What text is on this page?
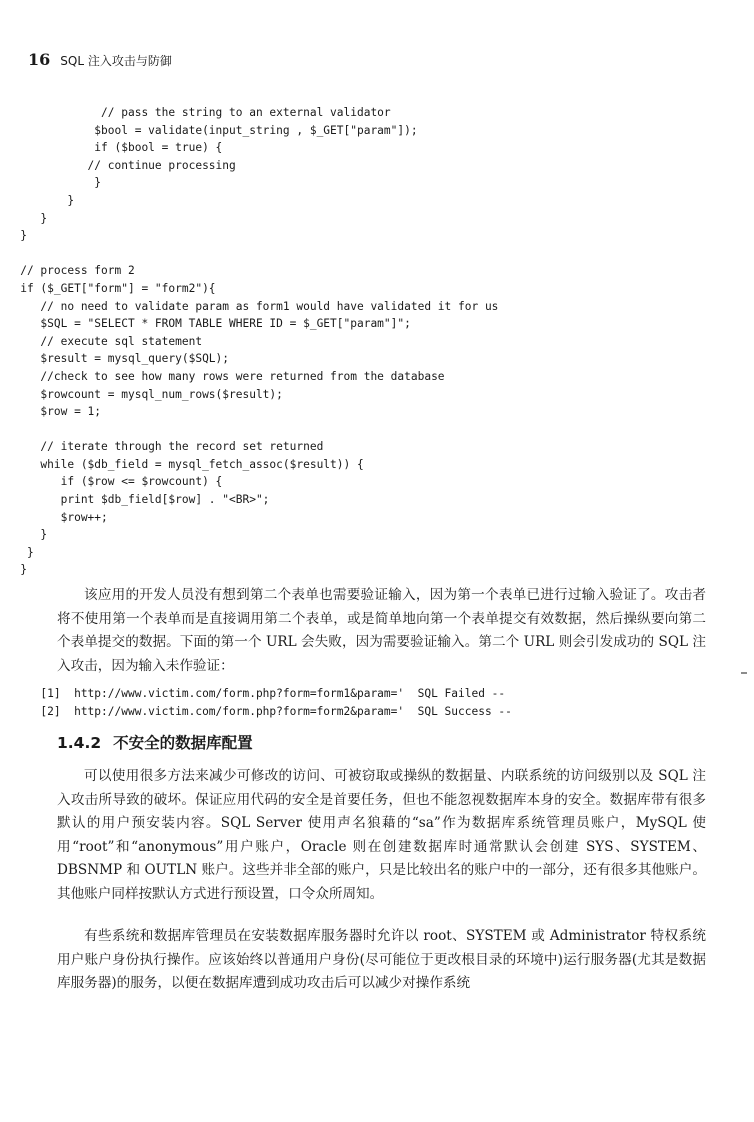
16 SQL 注入攻击与防御
// pass the string to an external validator
$bool = validate(input_string , $_GET["param"]);
if ($bool = true) {
// continue processing
}
}
}
}
// process form 2
if ($_GET["form"] = "form2"){
// no need to validate param as form1 would have validated it for us
$SQL = "SELECT * FROM TABLE WHERE ID = $_GET["param"]";
// execute sql statement
$result = mysql_query($SQL);
//check to see how many rows were returned from the database
$rowcount = mysql_num_rows($result);
$row = 1;
// iterate through the record set returned
while ($db_field = mysql_fetch_assoc($result)) {
if ($row <= $rowcount) {
print $db_field[$row] . "<BR>";
$row++;
}
}
}

该应用的开发人员没有想到第二个表单也需要验证输入，因为第一个表单已进行过输入验证了。攻击者将不使用第一个表单而是直接调用第二个表单，或是简单地向第一个表单提交有效数据，然后操纵要向第二个表单提交的数据。下面的第一个 URL 会失败，因为需要验证输入。第二个 URL 则会引发成功的 SQL 注入攻击，因为输入未作验证：

[1]  http://www.victim.com/form.php?form=form1&param='  SQL Failed --
[2]  http://www.victim.com/form.php?form=form2&param='  SQL Success --
1.4.2 不安全的数据库配置

可以使用很多方法来减少可修改的访问、可被窃取或操纵的数据量、内联系统的访问级别以及 SQL 注入攻击所导致的破坏。保证应用代码的安全是首要任务，但也不能忽视数据库本身的安全。数据库带有很多默认的用户预安装内容。SQL Server 使用声名狼藉的“sa”作为数据库系统管理员账户，MySQL 使用“root”和“anonymous”用户账户，Oracle 则在创建数据库时通常默认会创建 SYS、SYSTEM、DBSNMP 和 OUTLN 账户。这些并非全部的账户，只是比较出名的账户中的一部分，还有很多其他账户。其他账户同样按默认方式进行预设置，口令众所周知。

有些系统和数据库管理员在安装数据库服务器时允许以 root、SYSTEM 或 Administrator 特权系统用户账户身份执行操作。应该始终以普通用户身份(尽可能位于更改根目录的环境中)运行服务器(尤其是数据库服务器)的服务，以便在数据库遭到成功攻击后可以减少对操作系统
